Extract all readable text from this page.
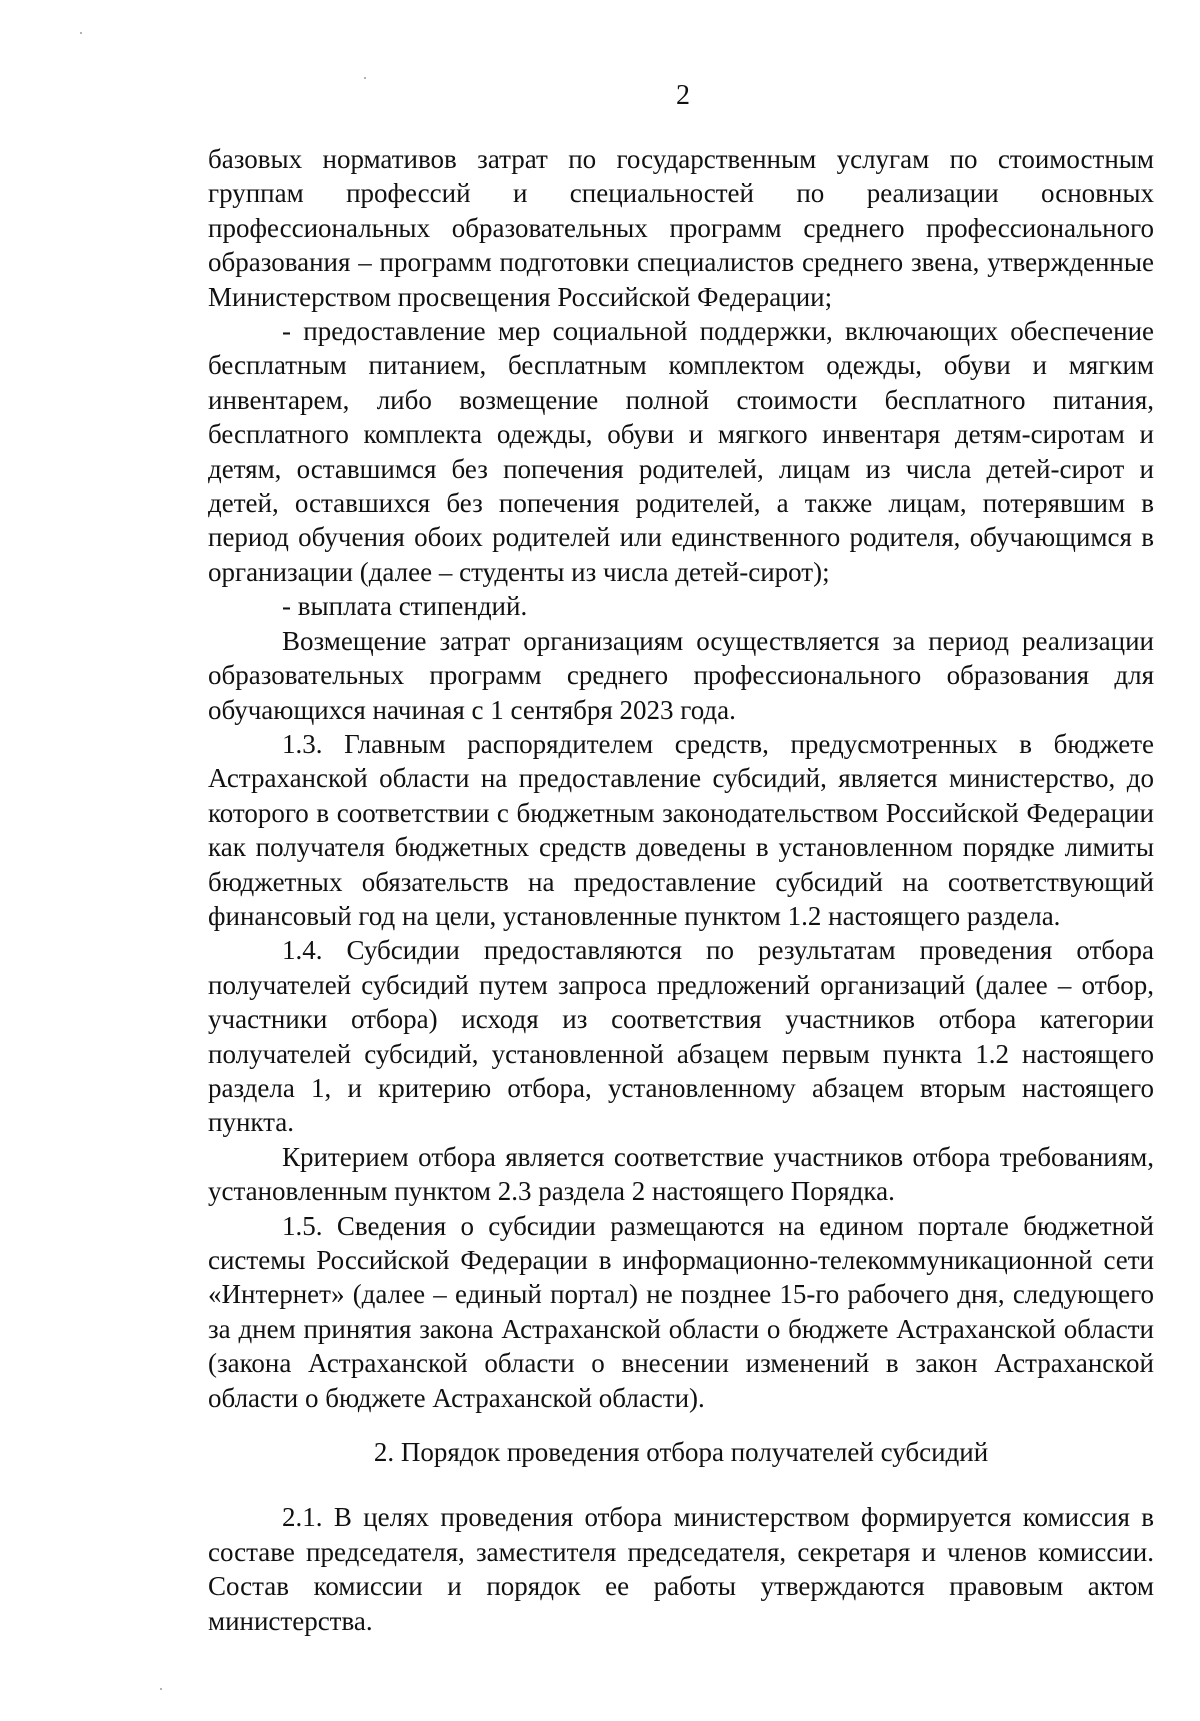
2

базовых нормативов затрат по государственным услугам по стоимостным группам профессий и специальностей по реализации основных профессиональных образовательных программ среднего профессионального образования – программ подготовки специалистов среднего звена, утвержденные Министерством просвещения Российской Федерации;

- предоставление мер социальной поддержки, включающих обеспечение бесплатным питанием, бесплатным комплектом одежды, обуви и мягким инвентарем, либо возмещение полной стоимости бесплатного питания, бесплатного комплекта одежды, обуви и мягкого инвентаря детям-сиротам и детям, оставшимся без попечения родителей, лицам из числа детей-сирот и детей, оставшихся без попечения родителей, а также лицам, потерявшим в период обучения обоих родителей или единственного родителя, обучающимся в организации (далее – студенты из числа детей-сирот);

- выплата стипендий.

Возмещение затрат организациям осуществляется за период реализации образовательных программ среднего профессионального образования для обучающихся начиная с 1 сентября 2023 года.

1.3. Главным распорядителем средств, предусмотренных в бюджете Астраханской области на предоставление субсидий, является министерство, до которого в соответствии с бюджетным законодательством Российской Федерации как получателя бюджетных средств доведены в установленном порядке лимиты бюджетных обязательств на предоставление субсидий на соответствующий финансовый год на цели, установленные пунктом 1.2 настоящего раздела.

1.4. Субсидии предоставляются по результатам проведения отбора получателей субсидий путем запроса предложений организаций (далее – отбор, участники отбора) исходя из соответствия участников отбора категории получателей субсидий, установленной абзацем первым пункта 1.2 настоящего раздела 1, и критерию отбора, установленному абзацем вторым настоящего пункта.

Критерием отбора является соответствие участников отбора требованиям, установленным пунктом 2.3 раздела 2 настоящего Порядка.

1.5. Сведения о субсидии размещаются на едином портале бюджетной системы Российской Федерации в информационно-телекоммуникационной сети «Интернет» (далее – единый портал) не позднее 15-го рабочего дня, следующего за днем принятия закона Астраханской области о бюджете Астраханской области (закона Астраханской области о внесении изменений в закон Астраханской области о бюджете Астраханской области).

2. Порядок проведения отбора получателей субсидий

2.1. В целях проведения отбора министерством формируется комиссия в составе председателя, заместителя председателя, секретаря и членов комиссии. Состав комиссии и порядок ее работы утверждаются правовым актом министерства.
